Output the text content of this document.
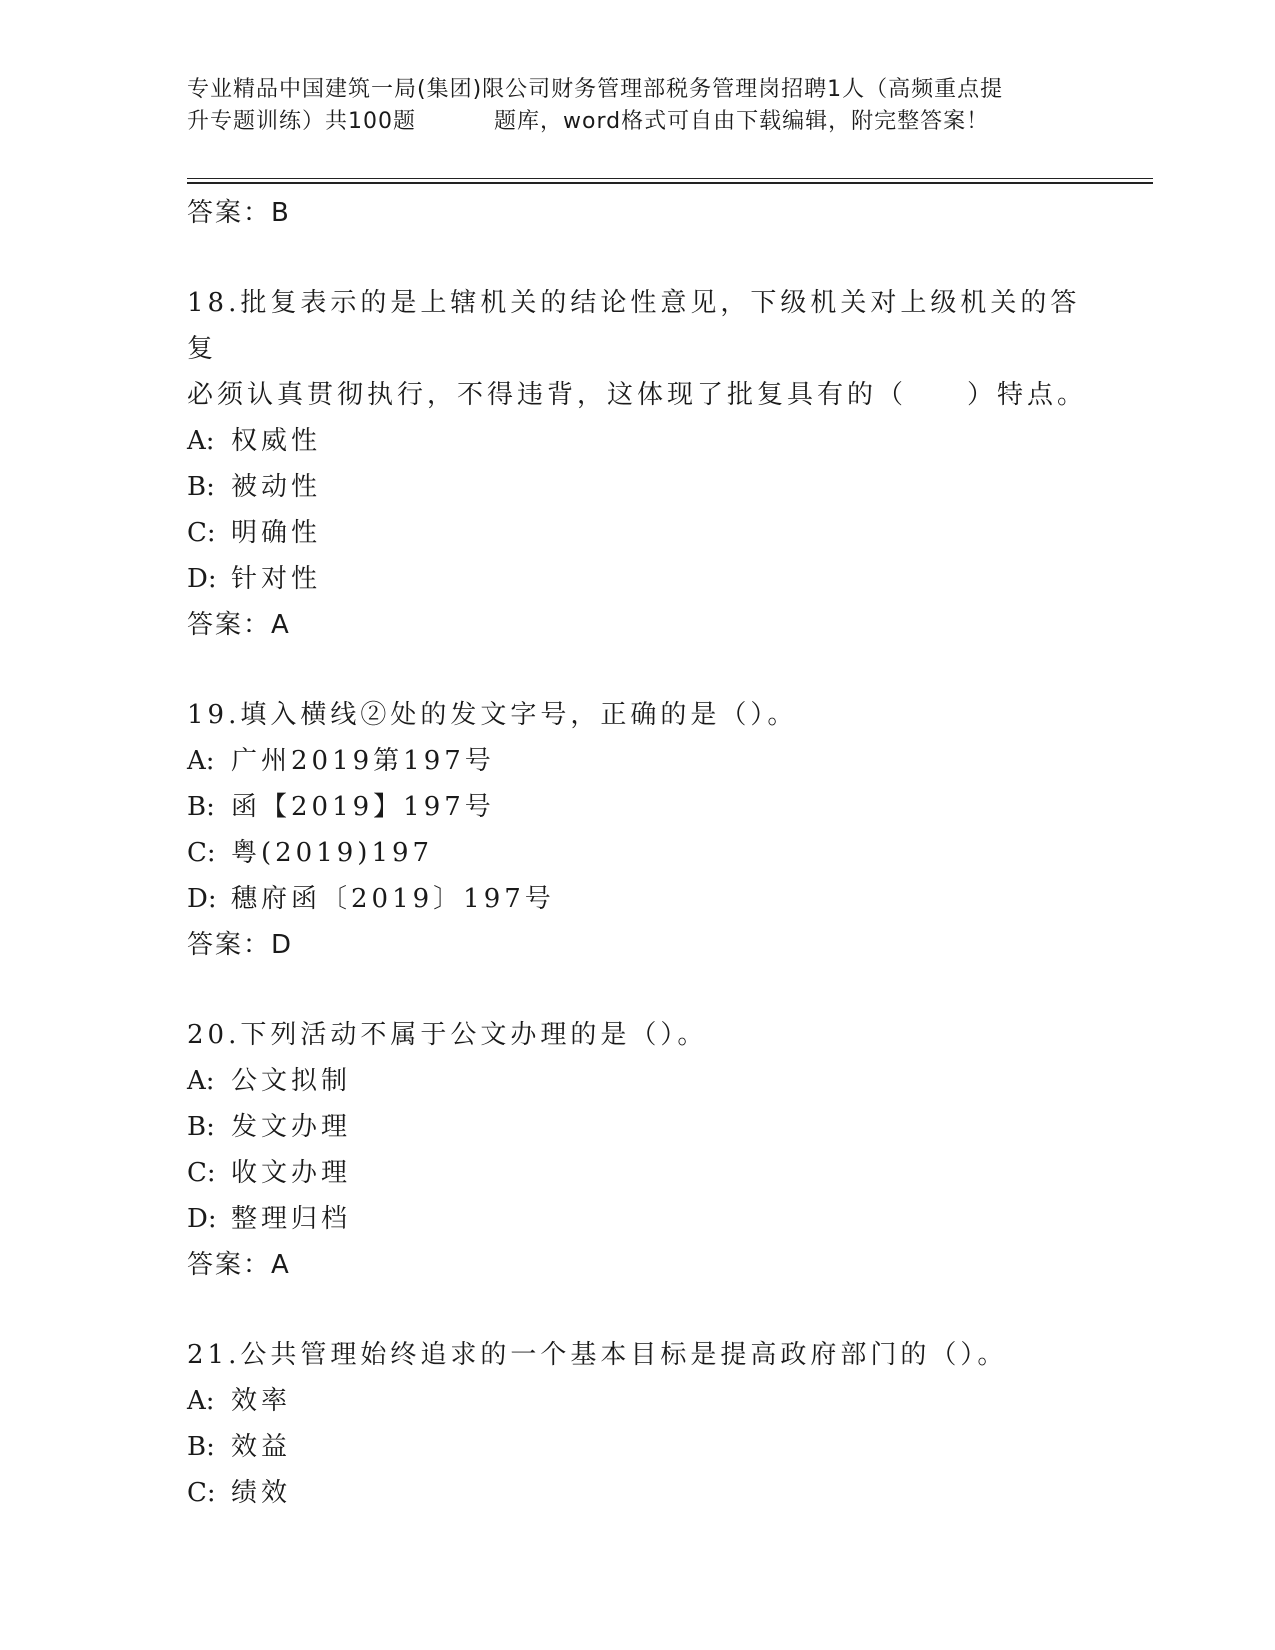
专业精品中国建筑一局(集团)限公司财务管理部税务管理岗招聘1人（高频重点提
升专题训练）共100题	题库，word格式可自由下载编辑，附完整答案！
答案：B
18.批复表示的是上辖机关的结论性意见，下级机关对上级机关的答复
必须认真贯彻执行，不得违背，这体现了批复具有的（　　）特点。
A: 权威性
B: 被动性
C: 明确性
D: 针对性
答案：A
19.填入横线②处的发文字号，正确的是（）。
A: 广州2019第197号
B: 函【2019】197号
C: 粤(2019)197
D: 穗府函〔2019〕197号
答案：D
20.下列活动不属于公文办理的是（）。
A: 公文拟制
B: 发文办理
C: 收文办理
D: 整理归档
答案：A
21.公共管理始终追求的一个基本目标是提高政府部门的（）。
A: 效率
B: 效益
C: 绩效
